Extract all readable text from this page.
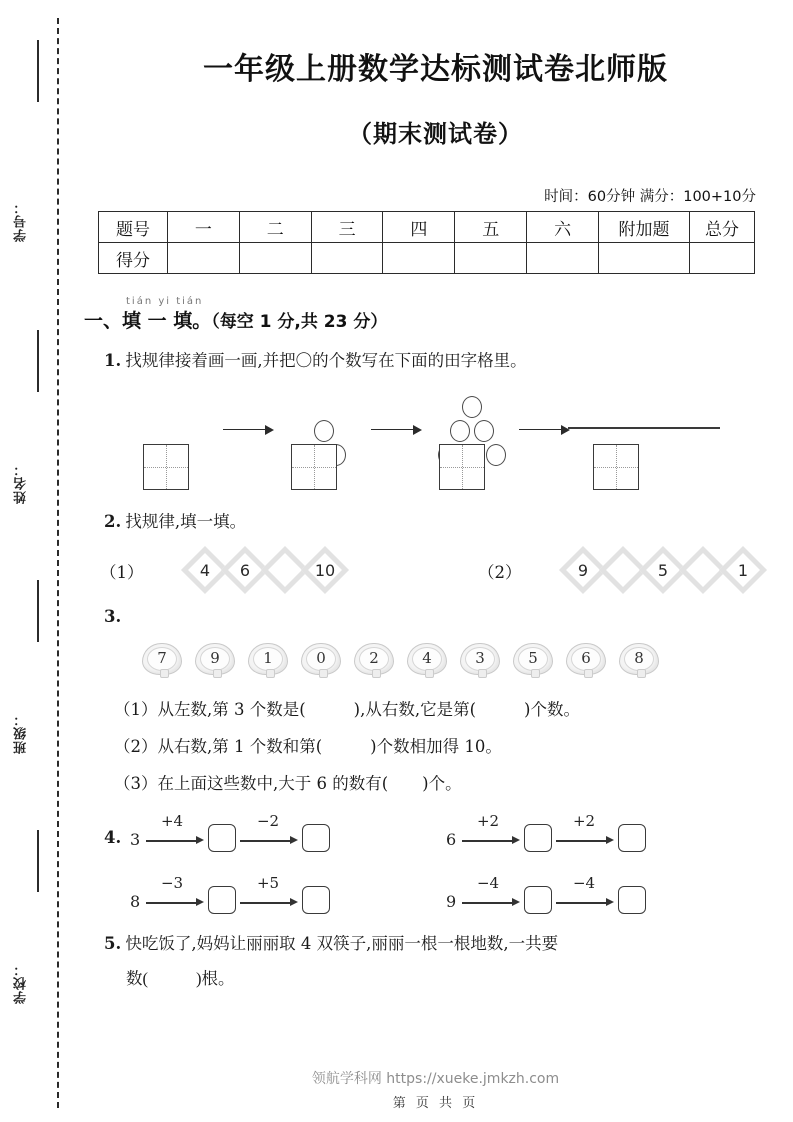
学号：
姓名：
班级：
学校：
一年级上册数学达标测试卷北师版
（期末测试卷）
时间：60分钟 满分：100+10分
题号	一	二	三	四	五	六	附加题	总分
得分								
tián yi tián
一、填 一 填。（每空 1 分,共 23 分）
1. 找规律接着画一画,并把〇的个数写在下面的田字格里。
2. 找规律,填一填。
（1）	4	6	10	（2）	9	5	1
3.
7	9	1	0	2	4	3	5	6	8
（1）从左数,第 3 个数是(	),从右数,它是第(	)个数。
（2）从右数,第 1 个数和第(	)个数相加得 10。
（3）在上面这些数中,大于 6 的数有( )个。
4. 3
+4	−2
6
+2	+2
8
−3	+5
9
−4	−4
5. 快吃饭了,妈妈让丽丽取 4 双筷子,丽丽一根一根地数,一共要
数(	)根。
领航学科网 https://xueke.jmkzh.com
第 页 共 页
